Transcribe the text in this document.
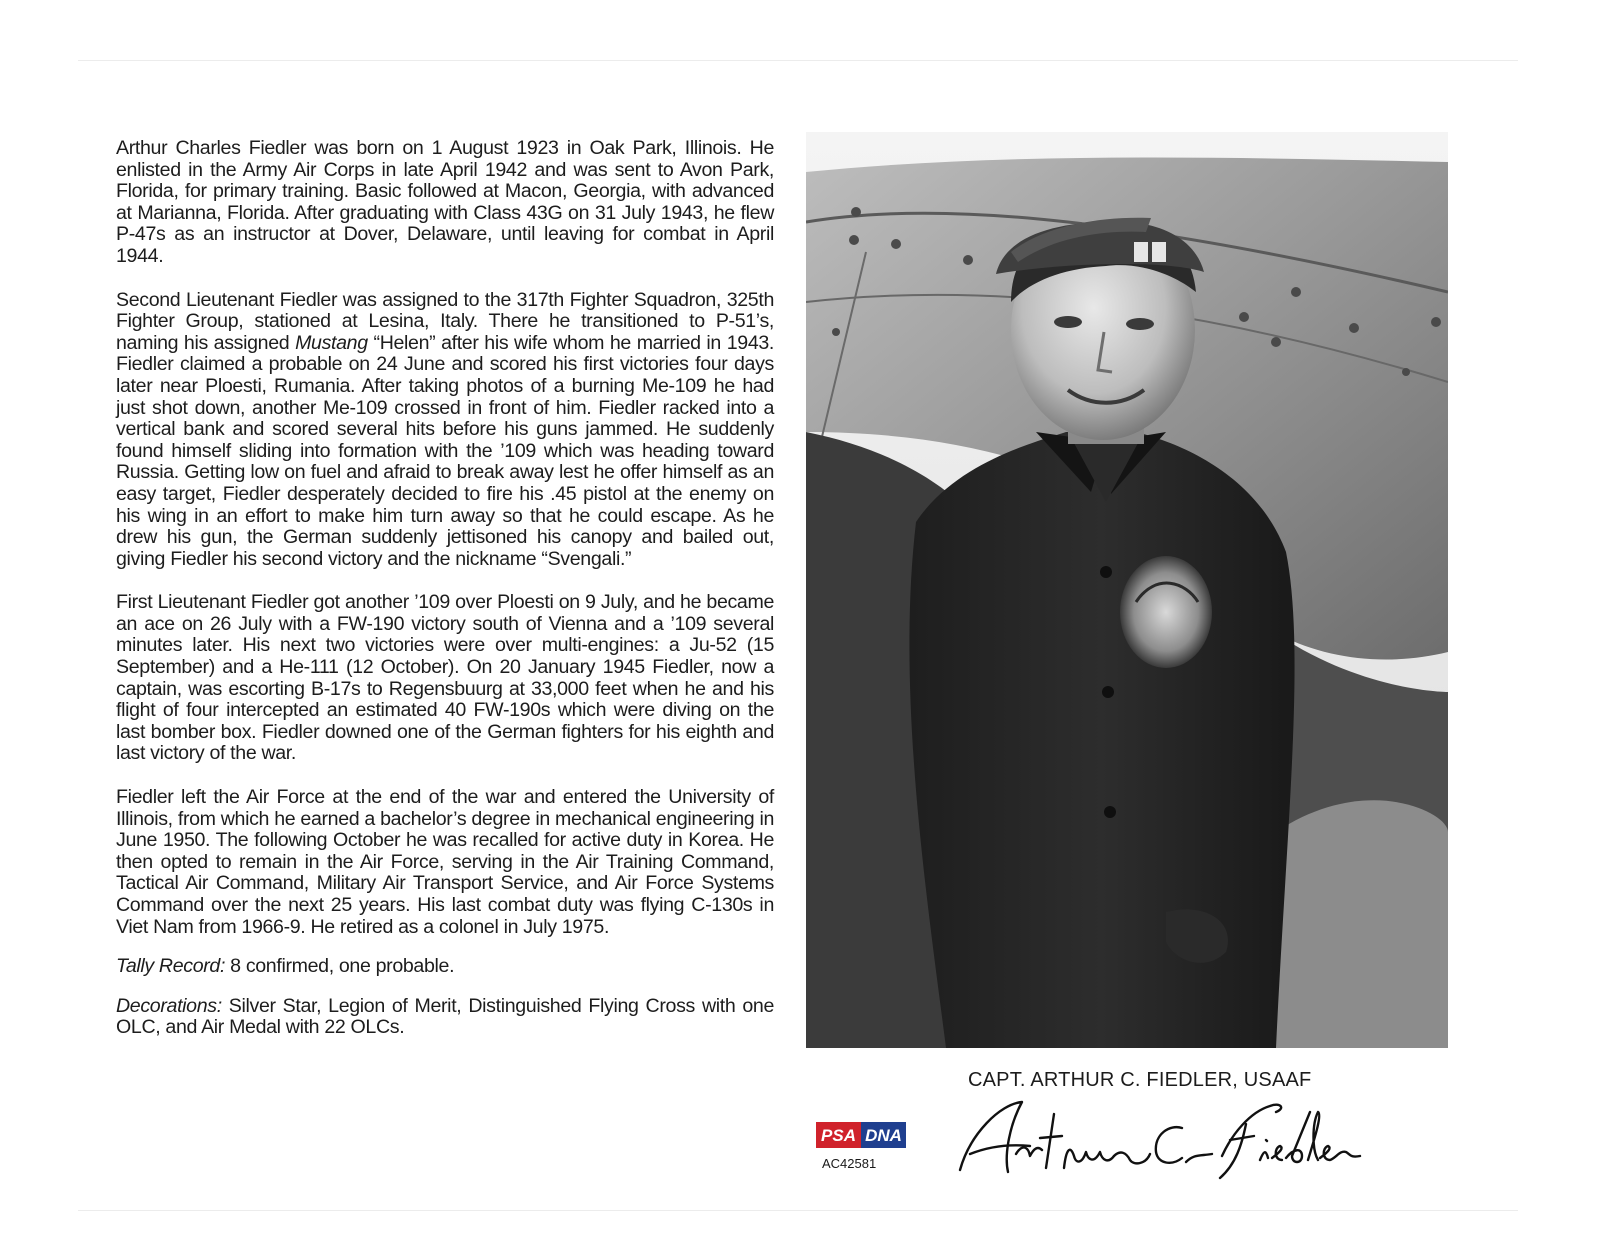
Arthur Charles Fiedler was born on 1 August 1923 in Oak Park, Illinois. He enlisted in the Army Air Corps in late April 1942 and was sent to Avon Park, Florida, for primary training. Basic followed at Macon, Georgia, with advanced at Marianna, Florida. After graduating with Class 43G on 31 July 1943, he flew P-47s as an instructor at Dover, Delaware, until leaving for combat in April 1944.

Second Lieutenant Fiedler was assigned to the 317th Fighter Squadron, 325th Fighter Group, stationed at Lesina, Italy. There he transitioned to P-51’s, naming his assigned Mustang “Helen” after his wife whom he married in 1943. Fiedler claimed a probable on 24 June and scored his first victories four days later near Ploesti, Rumania. After taking photos of a burning Me-109 he had just shot down, another Me-109 crossed in front of him. Fiedler racked into a vertical bank and scored several hits before his guns jammed. He suddenly found himself sliding into formation with the ’109 which was heading toward Russia. Getting low on fuel and afraid to break away lest he offer himself as an easy target, Fiedler desperately decided to fire his .45 pistol at the enemy on his wing in an effort to make him turn away so that he could escape. As he drew his gun, the German suddenly jettisoned his canopy and bailed out, giving Fiedler his second victory and the nickname “Svengali.”

First Lieutenant Fiedler got another ’109 over Ploesti on 9 July, and he became an ace on 26 July with a FW-190 victory south of Vienna and a ’109 several minutes later. His next two victories were over multi-engines: a Ju-52 (15 September) and a He-111 (12 October). On 20 January 1945 Fiedler, now a captain, was escorting B-17s to Regensbuurg at 33,000 feet when he and his flight of four intercepted an estimated 40 FW-190s which were diving on the last bomber box. Fiedler downed one of the German fighters for his eighth and last victory of the war.

Fiedler left the Air Force at the end of the war and entered the University of Illinois, from which he earned a bachelor’s degree in mechanical engineering in June 1950. The following October he was recalled for active duty in Korea. He then opted to remain in the Air Force, serving in the Air Training Command, Tactical Air Command, Military Air Transport Service, and Air Force Systems Command over the next 25 years. His last combat duty was flying C-130s in Viet Nam from 1966-9. He retired as a colonel in July 1975.

Tally Record: 8 confirmed, one probable.

Decorations: Silver Star, Legion of Merit, Distinguished Flying Cross with one OLC, and Air Medal with 22 OLCs.

CAPT. ARTHUR C. FIEDLER, USAAF
PSA DNA
AC42581
